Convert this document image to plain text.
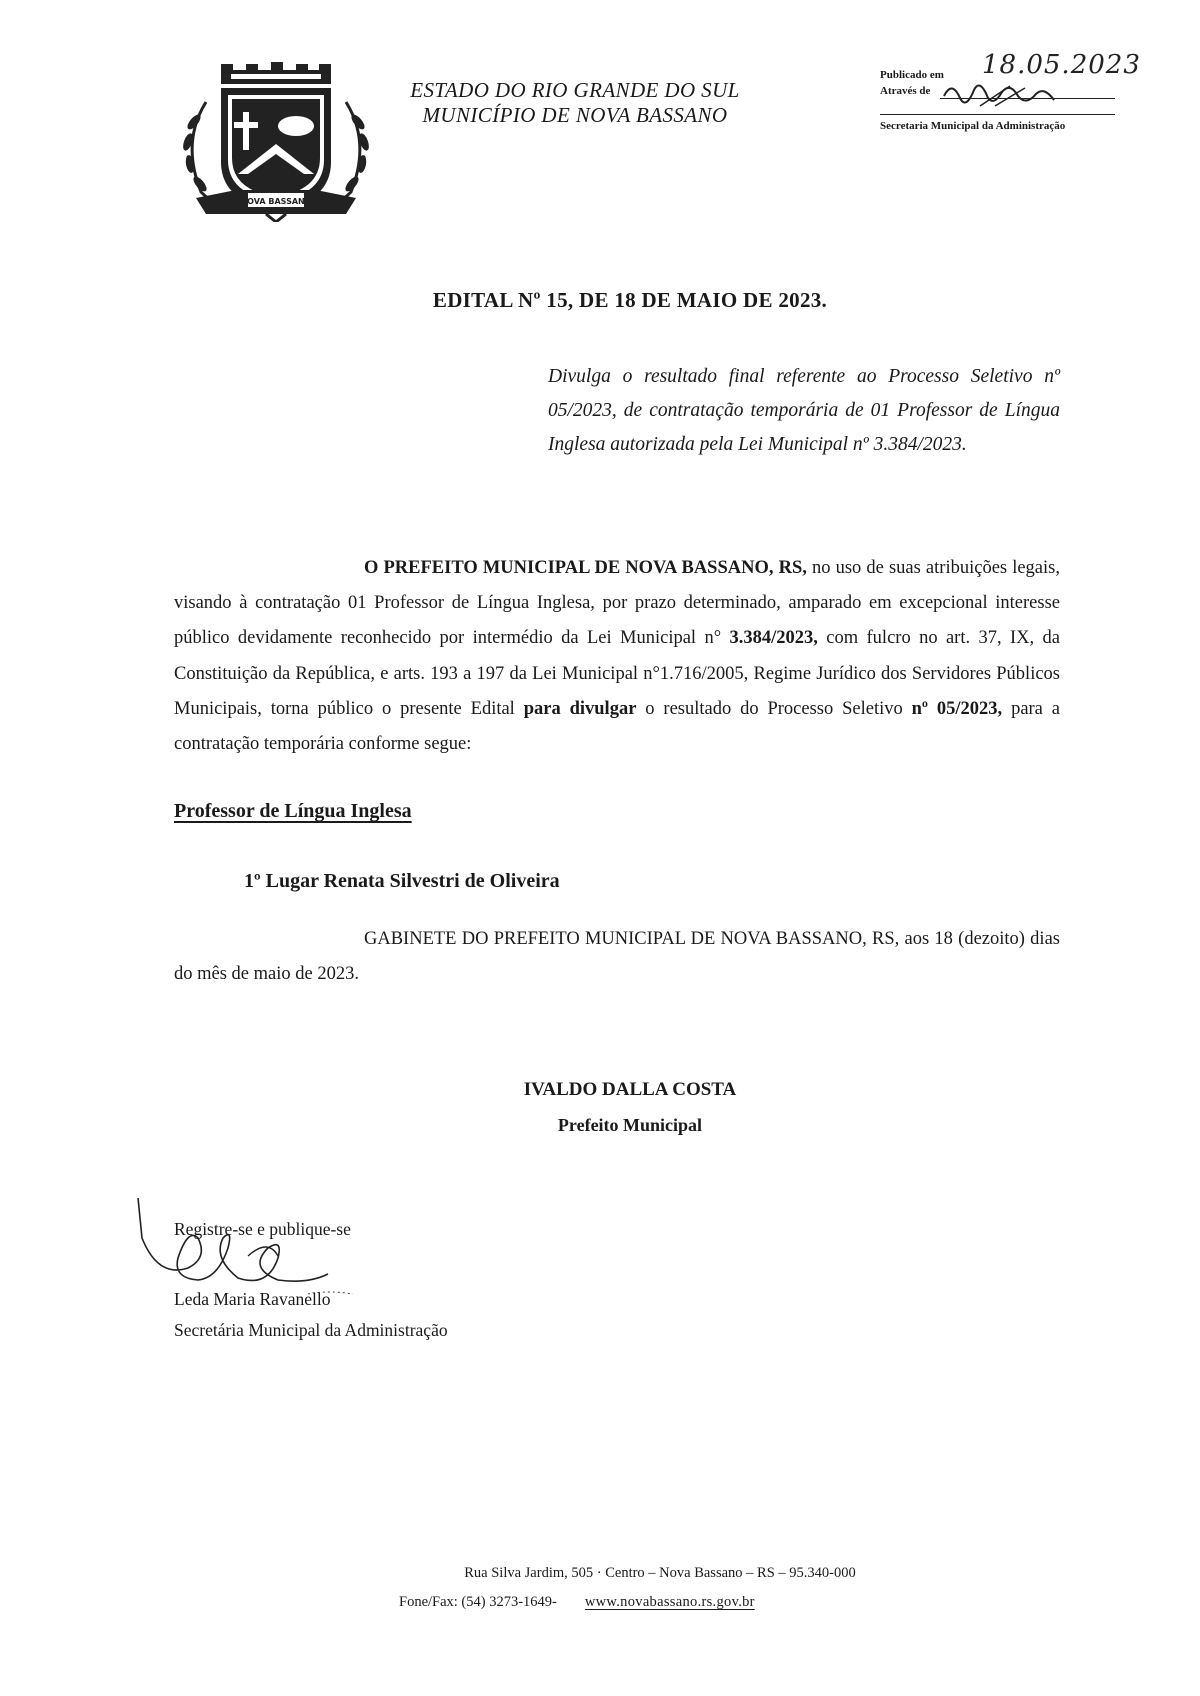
NOVA BASSANO
ESTADO DO RIO GRANDE DO SUL
MUNICÍPIO DE NOVA BASSANO
Publicado em 18.05.2023
Através de
Secretaria Municipal da Administração
EDITAL Nº 15, DE 18 DE MAIO DE 2023.
Divulga o resultado final referente ao Processo Seletivo nº 05/2023, de contratação temporária de 01 Professor de Língua Inglesa autorizada pela Lei Municipal nº 3.384/2023.
O PREFEITO MUNICIPAL DE NOVA BASSANO, RS, no uso de suas atribuições legais, visando à contratação 01 Professor de Língua Inglesa, por prazo determinado, amparado em excepcional interesse público devidamente reconhecido por intermédio da Lei Municipal n° 3.384/2023, com fulcro no art. 37, IX, da Constituição da República, e arts. 193 a 197 da Lei Municipal n°1.716/2005, Regime Jurídico dos Servidores Públicos Municipais, torna público o presente Edital para divulgar o resultado do Processo Seletivo nº 05/2023, para a contratação temporária conforme segue:
Professor de Língua Inglesa
1º Lugar Renata Silvestri de Oliveira
GABINETE DO PREFEITO MUNICIPAL DE NOVA BASSANO, RS, aos 18 (dezoito) dias do mês de maio de 2023.
IVALDO DALLA COSTA
Prefeito Municipal
Registre-se e publique-se
Leda Maria Ravanello
Secretária Municipal da Administração
Rua Silva Jardim, 505 · Centro – Nova Bassano – RS – 95.340-000
Fone/Fax: (54) 3273-1649- www.novabassano.rs.gov.br
